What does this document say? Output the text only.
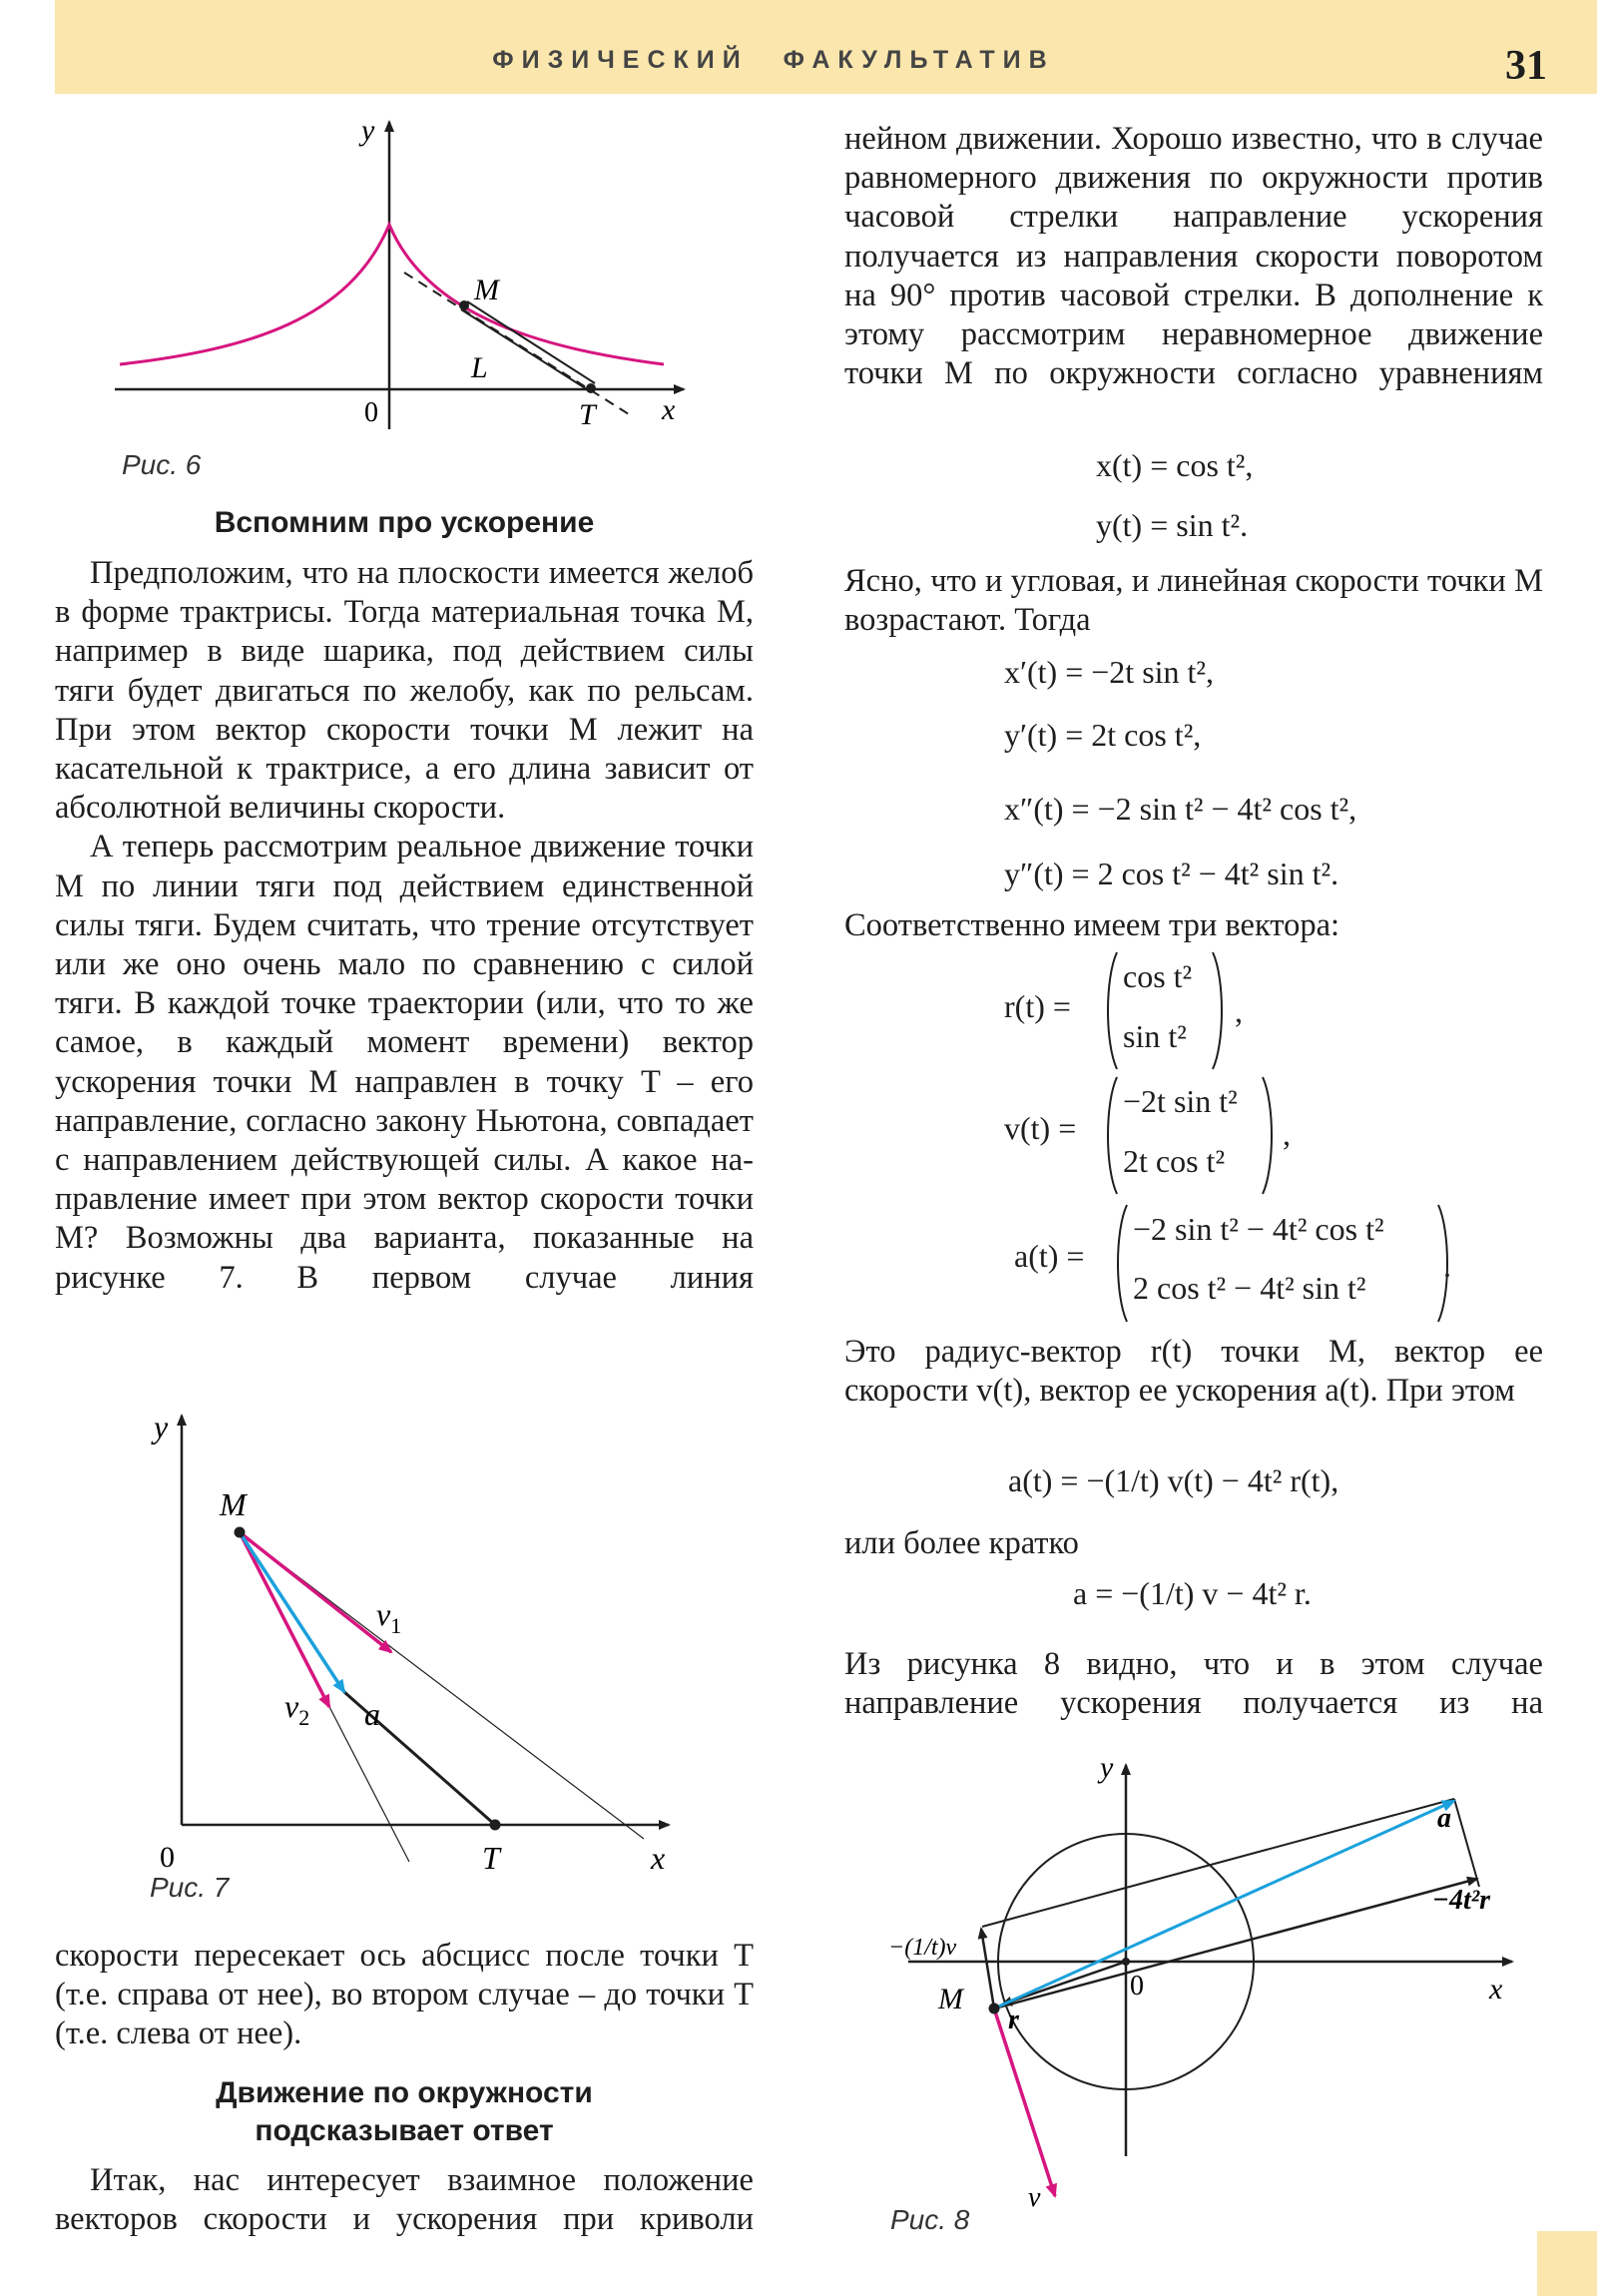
ФИЗИЧЕСКИЙ ФАКУЛЬТАТИВ	31
y
x
0
M
T
L
Рис. 6
Вспомним про ускорение

Предположим, что на плоскости имеется желоб в форме трактрисы. Тогда материальная точка M, например в виде шарика, под действием силы тяги будет двигаться по желобу, как по рельсам. При этом вектор скорости точки M лежит на касательной к трактрисе, а его длина зависит от абсолютной величины скорости.

А теперь рассмотрим реальное движение точки M по линии тяги под действием единственной силы тяги. Будем считать, что трение отсутствует или же оно очень мало по сравнению с силой тяги. В каждой точке траектории (или, что то же самое, в каждый момент времени) вектор ускорения точки M направлен в точку T – его направление, согласно закону Ньютона, совпадает с направлением действующей силы. А какое направление имеет при этом вектор скорости точки M? Возможны два варианта, показанные на рисунке 7. В первом случае линия

y
x
0
M
T
a
$v_1$
$v_2$
Рис. 7

скорости пересекает ось абсцисс после точки T (т.е. справа от нее), во втором случае – до точки T (т.е. слева от нее).

Движение по окружности
подсказывает ответ

Итак, нас интересует взаимное положение векторов скорости и ускорения при криволи

нейном движении. Хорошо известно, что в случае равномерного движения по окружности против часовой стрелки направление ускорения получается из направления скорости поворотом на 90° против часовой стрелки. В дополнение к этому рассмотрим неравномерное движение точки M по окружности согласно уравнениям

x(t) = cos t²,
y(t) = sin t².

Ясно, что и угловая, и линейная скорости точки M возрастают. Тогда

x′(t) = −2t sin t²,
y′(t) = 2t cos t²,
x″(t) = −2 sin t² − 4t² cos t²,
y″(t) = 2 cos t² − 4t² sin t².

Соответственно имеем три вектора:

r(t) =
cos t²
sin t²
,
v(t) =
−2t sin t²
2t cos t²
,
a(t) =
−2 sin t² − 4t² cos t²
2 cos t² − 4t² sin t²
.

Это радиус-вектор r(t) точки M, вектор ее скорости v(t), вектор ее ускорения a(t). При этом

a(t) = −(1/t) v(t) − 4t² r(t),

или более кратко

a = −(1/t) v − 4t² r.

Из рисунка 8 видно, что и в этом случае направление ускорения получается из на

y
x
0
M
r
a
v
−4t²r
−(1/t)v
Рис. 8
